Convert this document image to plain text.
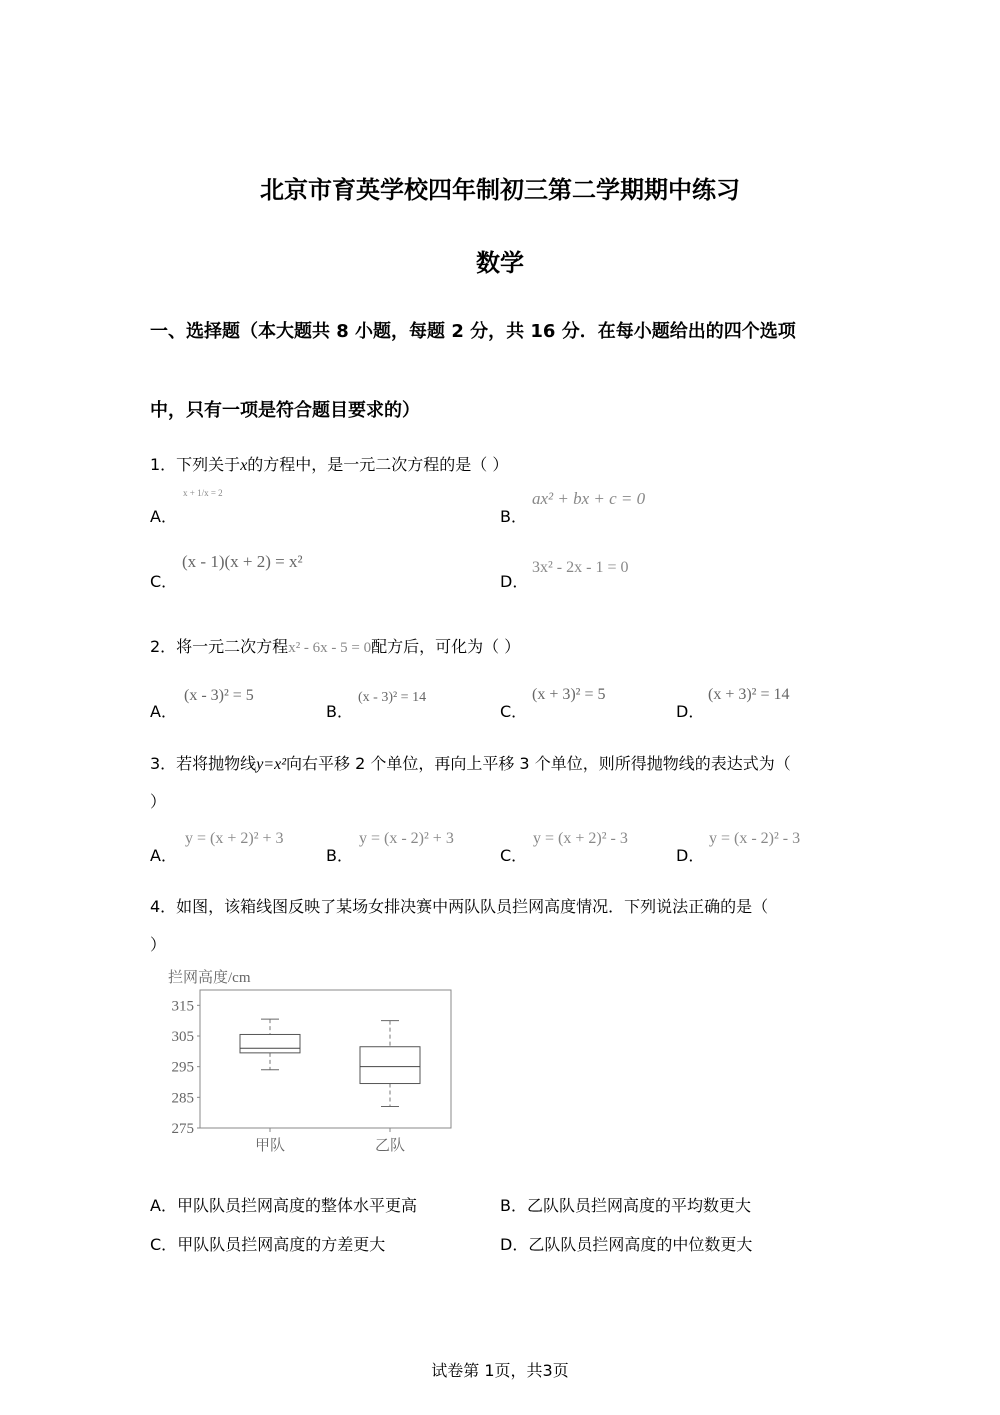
北京市育英学校四年制初三第二学期期中练习
数学
一、选择题（本大题共 8 小题，每题 2 分，共 16 分．在每小题给出的四个选项
中，只有一项是符合题目要求的）
1．下列关于x的方程中，是一元二次方程的是（ ）
A．
x + 1/x = 2
B．
ax² + bx + c = 0
C．
(x - 1)(x + 2) = x²
D．
3x² - 2x - 1 = 0
2．将一元二次方程x² - 6x - 5 = 0配方后，可化为（ ）
A．
(x - 3)² = 5
B．
(x - 3)² = 14
C．
(x + 3)² = 5
D．
(x + 3)² = 14
3．若将抛物线y=x²向右平移 2 个单位，再向上平移 3 个单位，则所得抛物线的表达式为（
）
A．
y = (x + 2)² + 3
B．
y = (x - 2)² + 3
C．
y = (x + 2)² - 3
D．
y = (x - 2)² - 3
4．如图，该箱线图反映了某场女排决赛中两队队员拦网高度情况．下列说法正确的是（
）
拦网高度/cm
275
285
295
305
315
甲队	乙队
A．甲队队员拦网高度的整体水平更高	B．乙队队员拦网高度的平均数更大
C．甲队队员拦网高度的方差更大	D．乙队队员拦网高度的中位数更大
试卷第 1页，共3页
